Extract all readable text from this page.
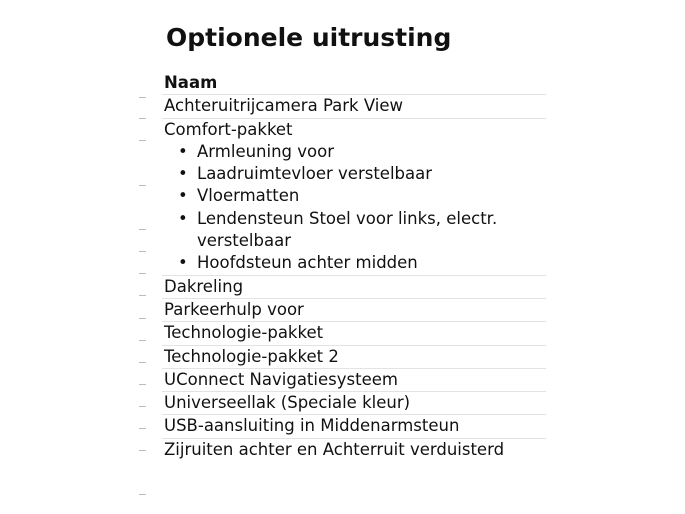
Optionele uitrusting
Naam
Achteruitrijcamera Park View
Comfort-pakket
• Armleuning voor
• Laadruimtevloer verstelbaar
• Vloermatten
• Lendensteun Stoel voor links, electr. verstelbaar
• Hoofdsteun achter midden
Dakreling
Parkeerhulp voor
Technologie-pakket
Technologie-pakket 2
UConnect Navigatiesysteem
Universeellak (Speciale kleur)
USB-aansluiting in Middenarmsteun
Zijruiten achter en Achterruit verduisterd
